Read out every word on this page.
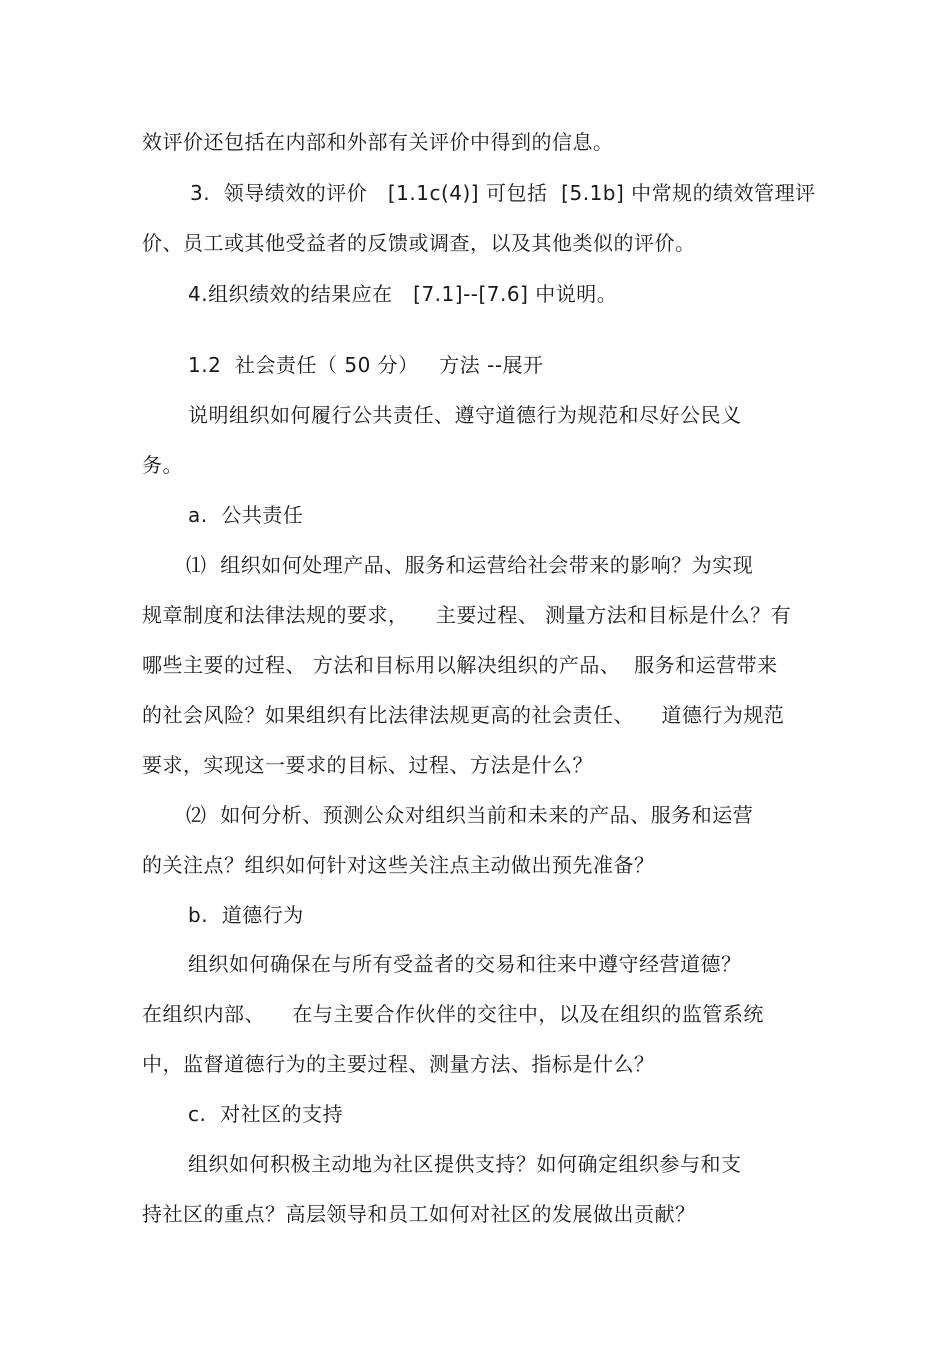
效评价还包括在内部和外部有关评价中得到的信息。
3.  领导绩效的评价   [1.1c(4)] 可包括  [5.1b] 中常规的绩效管理评
价、员工或其他受益者的反馈或调查，以及其他类似的评价。
4.组织绩效的结果应在   [7.1]--[7.6] 中说明。
1.2  社会责任（ 50 分）   方法 --展开
说明组织如何履行公共责任、遵守道德行为规范和尽好公民义
务。
a.  公共责任
⑴  组织如何处理产品、服务和运营给社会带来的影响？为实现
规章制度和法律法规的要求，    主要过程、 测量方法和目标是什么？有
哪些主要的过程、 方法和目标用以解决组织的产品、  服务和运营带来
的社会风险？如果组织有比法律法规更高的社会责任、    道德行为规范
要求，实现这一要求的目标、过程、方法是什么？
⑵  如何分析、预测公众对组织当前和未来的产品、服务和运营
的关注点？组织如何针对这些关注点主动做出预先准备？
b.  道德行为
组织如何确保在与所有受益者的交易和往来中遵守经营道德？
在组织内部、    在与主要合作伙伴的交往中，以及在组织的监管系统
中，监督道德行为的主要过程、测量方法、指标是什么？
c.  对社区的支持
组织如何积极主动地为社区提供支持？如何确定组织参与和支
持社区的重点？高层领导和员工如何对社区的发展做出贡献？
